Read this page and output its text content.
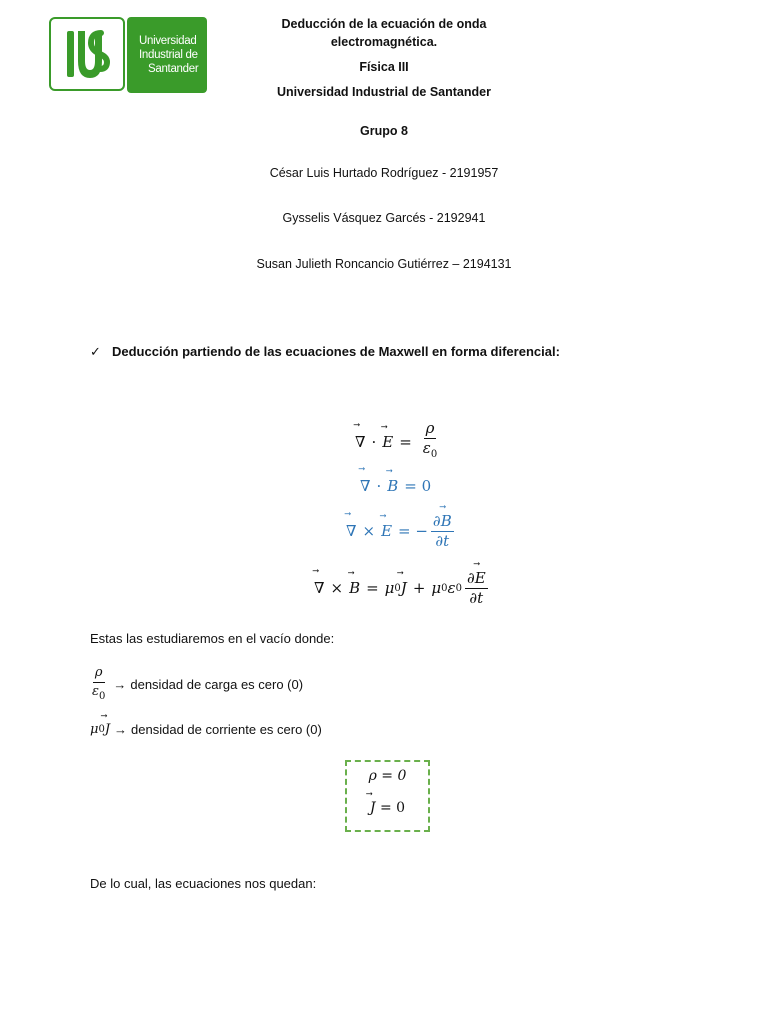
Universidad
Industrial de
Santander
Deducción de la ecuación de onda
electromagnética.
Física III
Universidad Industrial de Santander
Grupo 8
César Luis Hurtado Rodríguez - 2191957
Gysselis Vásquez Garcés - 2192941
Susan Julieth Roncancio Gutiérrez – 2194131
✓ Deducción partiendo de las ecuaciones de Maxwell en forma diferencial:
⃗ ∇ · ⃗ $E = \frac{\rho}{\varepsilon_0}$
⃗ ∇ · ⃗ B = 0
⃗ ∇ × ⃗ E = − $\frac{\partial⃗ B}{\partial t}$
⃗ ∇ × ⃗ B = μ 0 ⃗ J + μ 0 ε $0 \frac{\partial⃗ E}{\partial t}$
Estas las estudiaremos en el vacío donde:
$\frac{\rho}{\varepsilon_0}$ → densidad de carga es cero (0)
μ 0 ⃗ J → densidad de corriente es cero (0)
ρ = 0
⃗ J = 0
De lo cual, las ecuaciones nos quedan:
